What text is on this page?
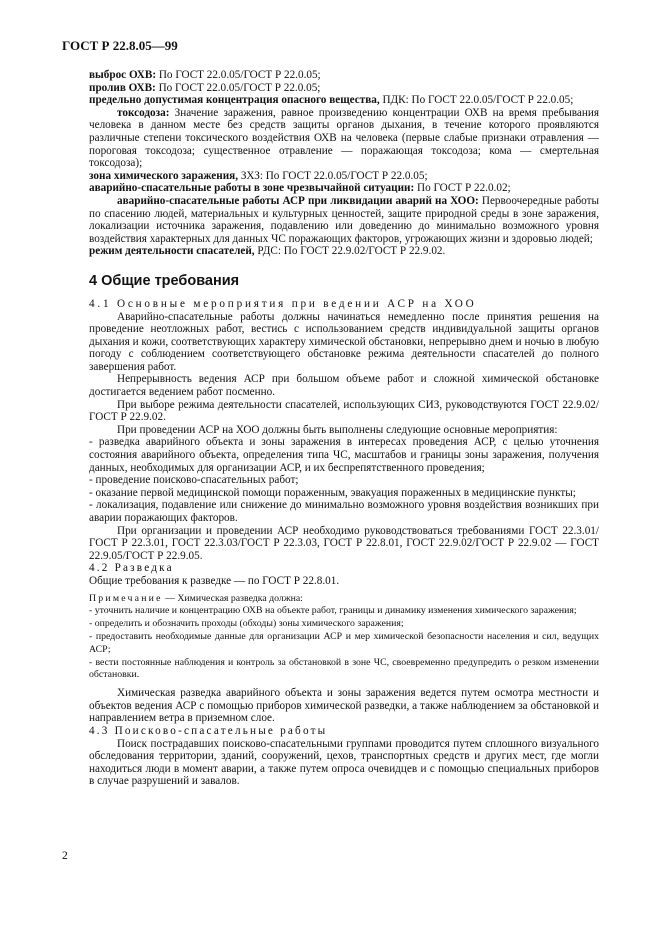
ГОСТ Р 22.8.05—99

выброс ОХВ: По ГОСТ 22.0.05/ГОСТ Р 22.0.05;

пролив ОХВ: По ГОСТ 22.0.05/ГОСТ Р 22.0.05;

предельно допустимая концентрация опасного вещества, ПДК: По ГОСТ 22.0.05/ГОСТ Р 22.0.05;

токсодоза: Значение заражения, равное произведению концентрации ОХВ на время пребывания человека в данном месте без средств защиты органов дыхания, в течение которого проявляются различные степени токсического воздействия ОХВ на человека (первые слабые признаки отравления — пороговая токсодоза; существенное отравление — поражающая токсодоза; кома — смертельная токсодоза);

зона химического заражения, ЗХЗ: По ГОСТ 22.0.05/ГОСТ Р 22.0.05;

аварийно-спасательные работы в зоне чрезвычайной ситуации: По ГОСТ Р 22.0.02;

аварийно-спасательные работы АСР при ликвидации аварий на ХОО: Первоочередные работы по спасению людей, материальных и культурных ценностей, защите природной среды в зоне заражения, локализации источника заражения, подавлению или доведению до минимально возможного уровня воздействия характерных для данных ЧС поражающих факторов, угрожающих жизни и здоровью людей;

режим деятельности спасателей, РДС: По ГОСТ 22.9.02/ГОСТ Р 22.9.02.

4 Общие требования

4.1 Основные мероприятия при ведении АСР на ХОО

Аварийно-спасательные работы должны начинаться немедленно после принятия решения на проведение неотложных работ, вестись с использованием средств индивидуальной защиты органов дыхания и кожи, соответствующих характеру химической обстановки, непрерывно днем и ночью в любую погоду с соблюдением соответствующего обстановке режима деятельности спасателей до полного завершения работ.

Непрерывность ведения АСР при большом объеме работ и сложной химической обстановке достигается ведением работ посменно.

При выборе режима деятельности спасателей, использующих СИЗ, руководствуются ГОСТ 22.9.02/ ГОСТ Р 22.9.02.

При проведении АСР на ХОО должны быть выполнены следующие основные мероприятия:

- разведка аварийного объекта и зоны заражения в интересах проведения АСР, с целью уточнения состояния аварийного объекта, определения типа ЧС, масштабов и границы зоны заражения, получения данных, необходимых для организации АСР, и их беспрепятственного проведения;

- проведение поисково-спасательных работ;

- оказание первой медицинской помощи пораженным, эвакуация пораженных в медицинские пункты;

- локализация, подавление или снижение до минимально возможного уровня воздействия возникших при аварии поражающих факторов.

При организации и проведении АСР необходимо руководствоваться требованиями ГОСТ 22.3.01/ ГОСТ Р 22.3.01, ГОСТ 22.3.03/ГОСТ Р 22.3.03, ГОСТ Р 22.8.01, ГОСТ 22.9.02/ГОСТ Р 22.9.02 — ГОСТ 22.9.05/ГОСТ Р 22.9.05.

4.2 Разведка

Общие требования к разведке — по ГОСТ Р 22.8.01.

Примечание — Химическая разведка должна:

- уточнить наличие и концентрацию ОХВ на объекте работ, границы и динамику изменения химического заражения;

- определить и обозначить проходы (обходы) зоны химического заражения;

- предоставить необходимые данные для организации АСР и мер химической безопасности населения и сил, ведущих АСР;

- вести постоянные наблюдения и контроль за обстановкой в зоне ЧС, своевременно предупредить о резком изменении обстановки.

Химическая разведка аварийного объекта и зоны заражения ведется путем осмотра местности и объектов ведения АСР с помощью приборов химической разведки, а также наблюдением за обстановкой и направлением ветра в приземном слое.

4.3 Поисково-спасательные работы

Поиск пострадавших поисково-спасательными группами проводится путем сплошного визуального обследования территории, зданий, сооружений, цехов, транспортных средств и других мест, где могли находиться люди в момент аварии, а также путем опроса очевидцев и с помощью специальных приборов в случае разрушений и завалов.

2
